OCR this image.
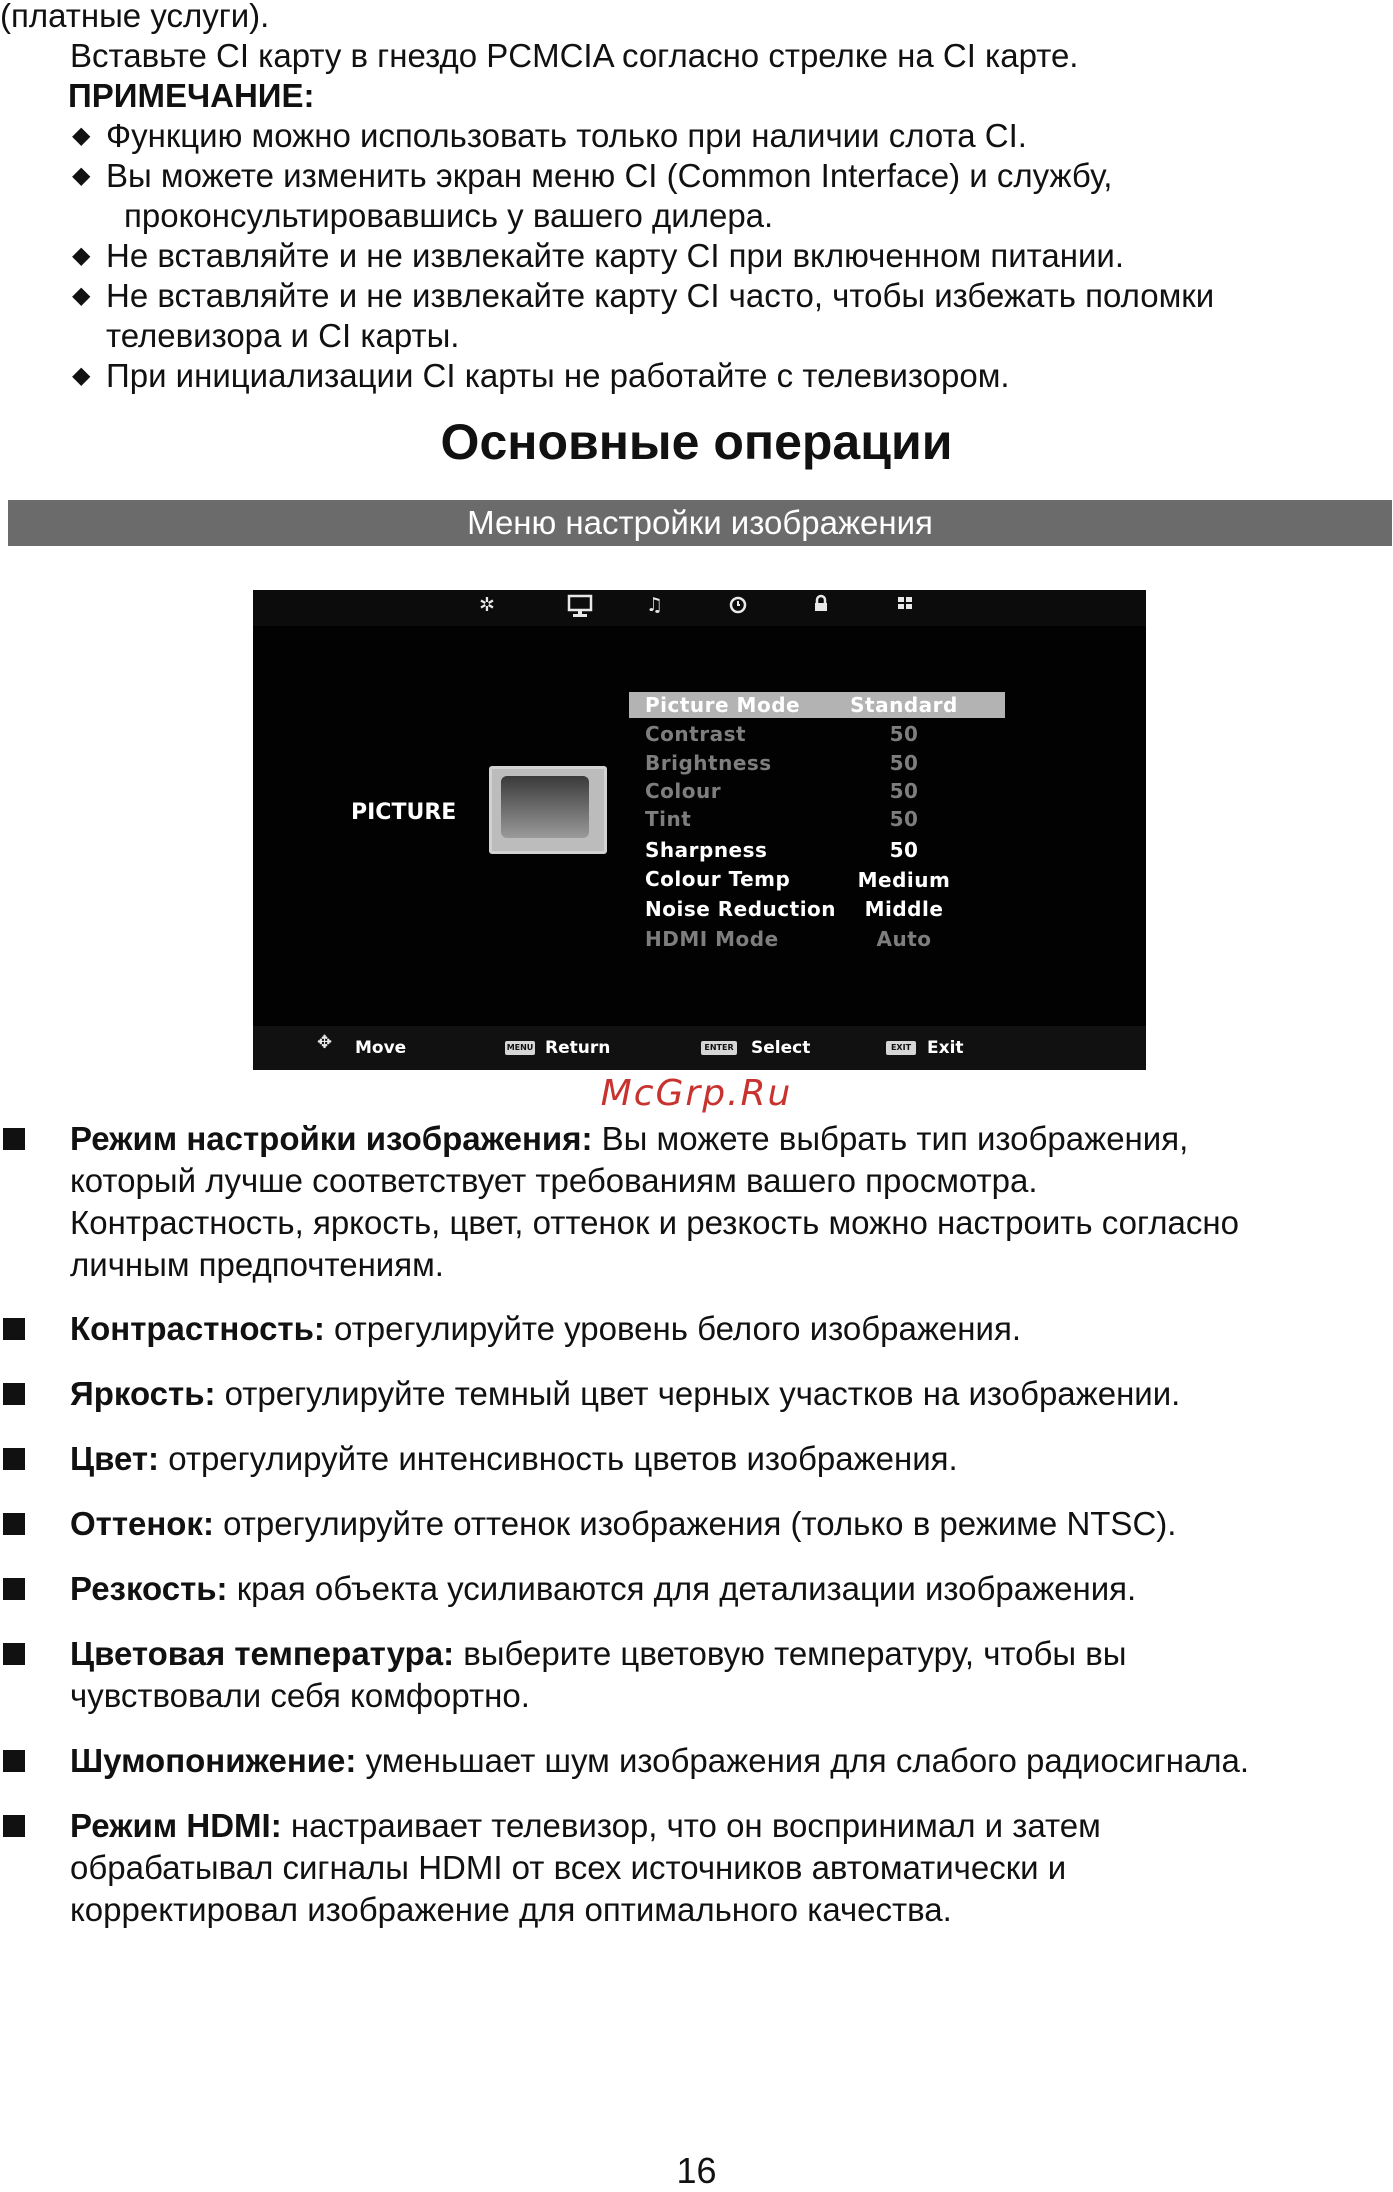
(платные услуги).
Вставьте CI карту в гнездо PCMCIA согласно стрелке на CI карте.
ПРИМЕЧАНИЕ:
◆ Функцию можно использовать только при наличии слота CI.
◆ Вы можете изменить экран меню CI (Common Interface) и службу,
проконсультировавшись у вашего дилера.
◆ Не вставляйте и не извлекайте карту CI при включенном питании.
◆ Не вставляйте и не извлекайте карту CI часто, чтобы избежать поломки
телевизора и CI карты.
◆ При инициализации CI карты не работайте с телевизором.
Основные операции
Меню настройки изображения
✲	♫
PICTURE
Picture Mode	Standard
Contrast	50
Brightness	50
Colour	50
Tint	50
Sharpness	50
Colour Temp	Medium
Noise Reduction	Middle
HDMI Mode	Auto
✥ Move	MENU Return	ENTER Select	EXIT Exit
McGrp.Ru
Режим настройки изображения: Вы можете выбрать тип изображения,
который лучше соответствует требованиям вашего просмотра.
Контрастность, яркость, цвет, оттенок и резкость можно настроить согласно
личным предпочтениям.
Контрастность: отрегулируйте уровень белого изображения.
Яркость: отрегулируйте темный цвет черных участков на изображении.
Цвет: отрегулируйте интенсивность цветов изображения.
Оттенок: отрегулируйте оттенок изображения (только в режиме NTSC).
Резкость: края объекта усиливаются для детализации изображения.
Цветовая температура: выберите цветовую температуру, чтобы вы
чувствовали себя комфортно.
Шумопонижение: уменьшает шум изображения для слабого радиосигнала.
Режим HDMI: настраивает телевизор, что он воспринимал и затем
обрабатывал сигналы HDMI от всех источников автоматически и
корректировал изображение для оптимального качества.
16
